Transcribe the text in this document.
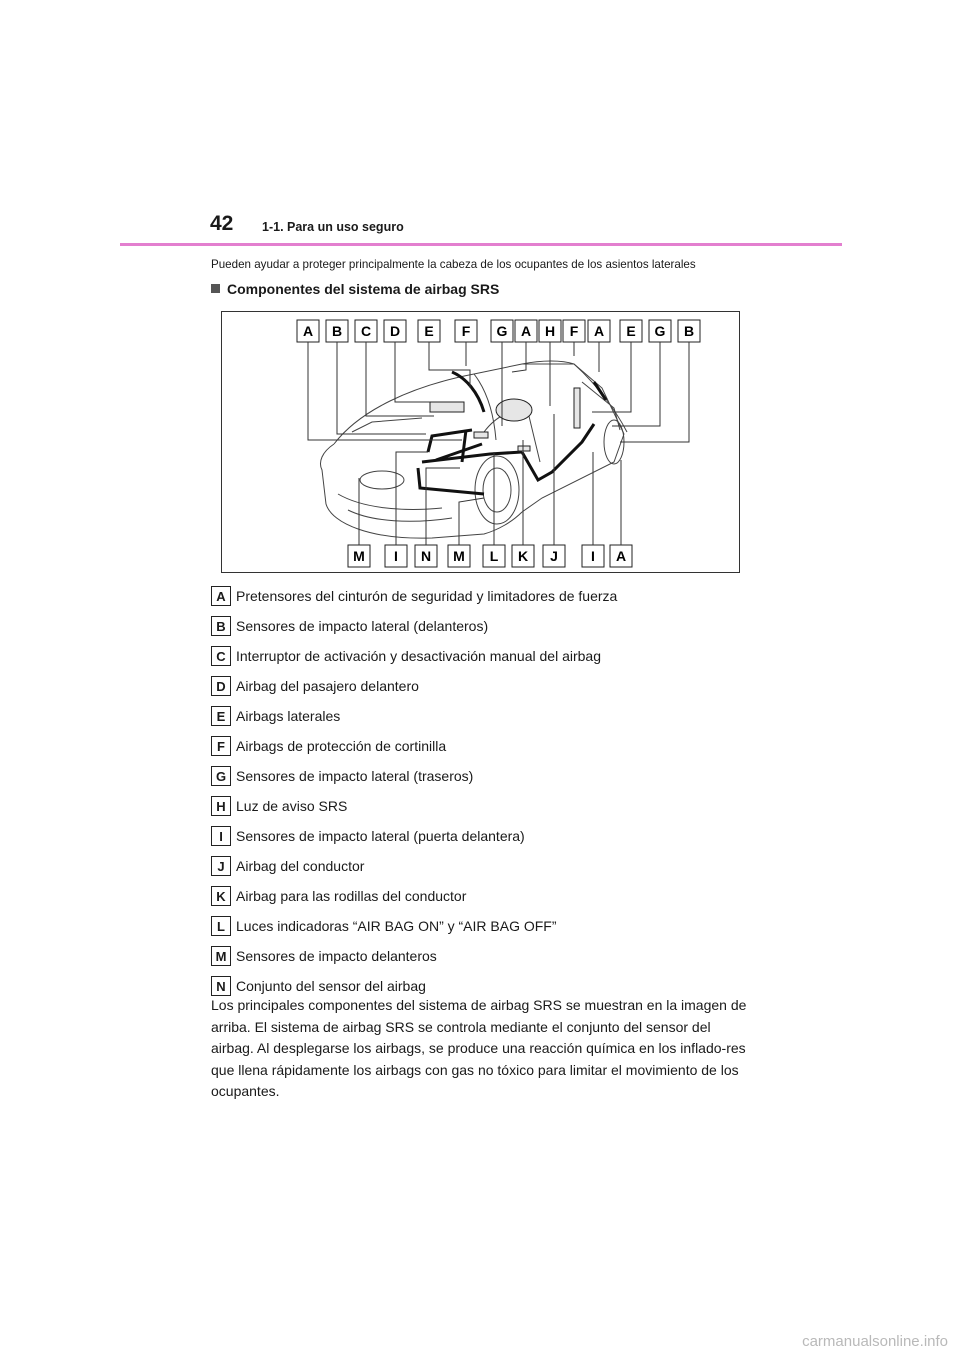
42 1-1. Para un uso seguro
Pueden ayudar a proteger principalmente la cabeza de los ocupantes de los asientos laterales
Componentes del sistema de airbag SRS
A B C D E F G A H F A E G B
M I N M L K J I A
A Pretensores del cinturón de seguridad y limitadores de fuerza
B Sensores de impacto lateral (delanteros)
C Interruptor de activación y desactivación manual del airbag
D Airbag del pasajero delantero
E Airbags laterales
F Airbags de protección de cortinilla
G Sensores de impacto lateral (traseros)
H Luz de aviso SRS
I Sensores de impacto lateral (puerta delantera)
J Airbag del conductor
K Airbag para las rodillas del conductor
L Luces indicadoras “AIR BAG ON” y “AIR BAG OFF”
M Sensores de impacto delanteros
N Conjunto del sensor del airbag

Los principales componentes del sistema de airbag SRS se muestran en la imagen de arriba. El sistema de airbag SRS se controla mediante el conjunto del sensor del airbag. Al desplegarse los airbags, se produce una reacción química en los inflado-res que llena rápidamente los airbags con gas no tóxico para limitar el movimiento de los ocupantes.

carmanualsonline.info
